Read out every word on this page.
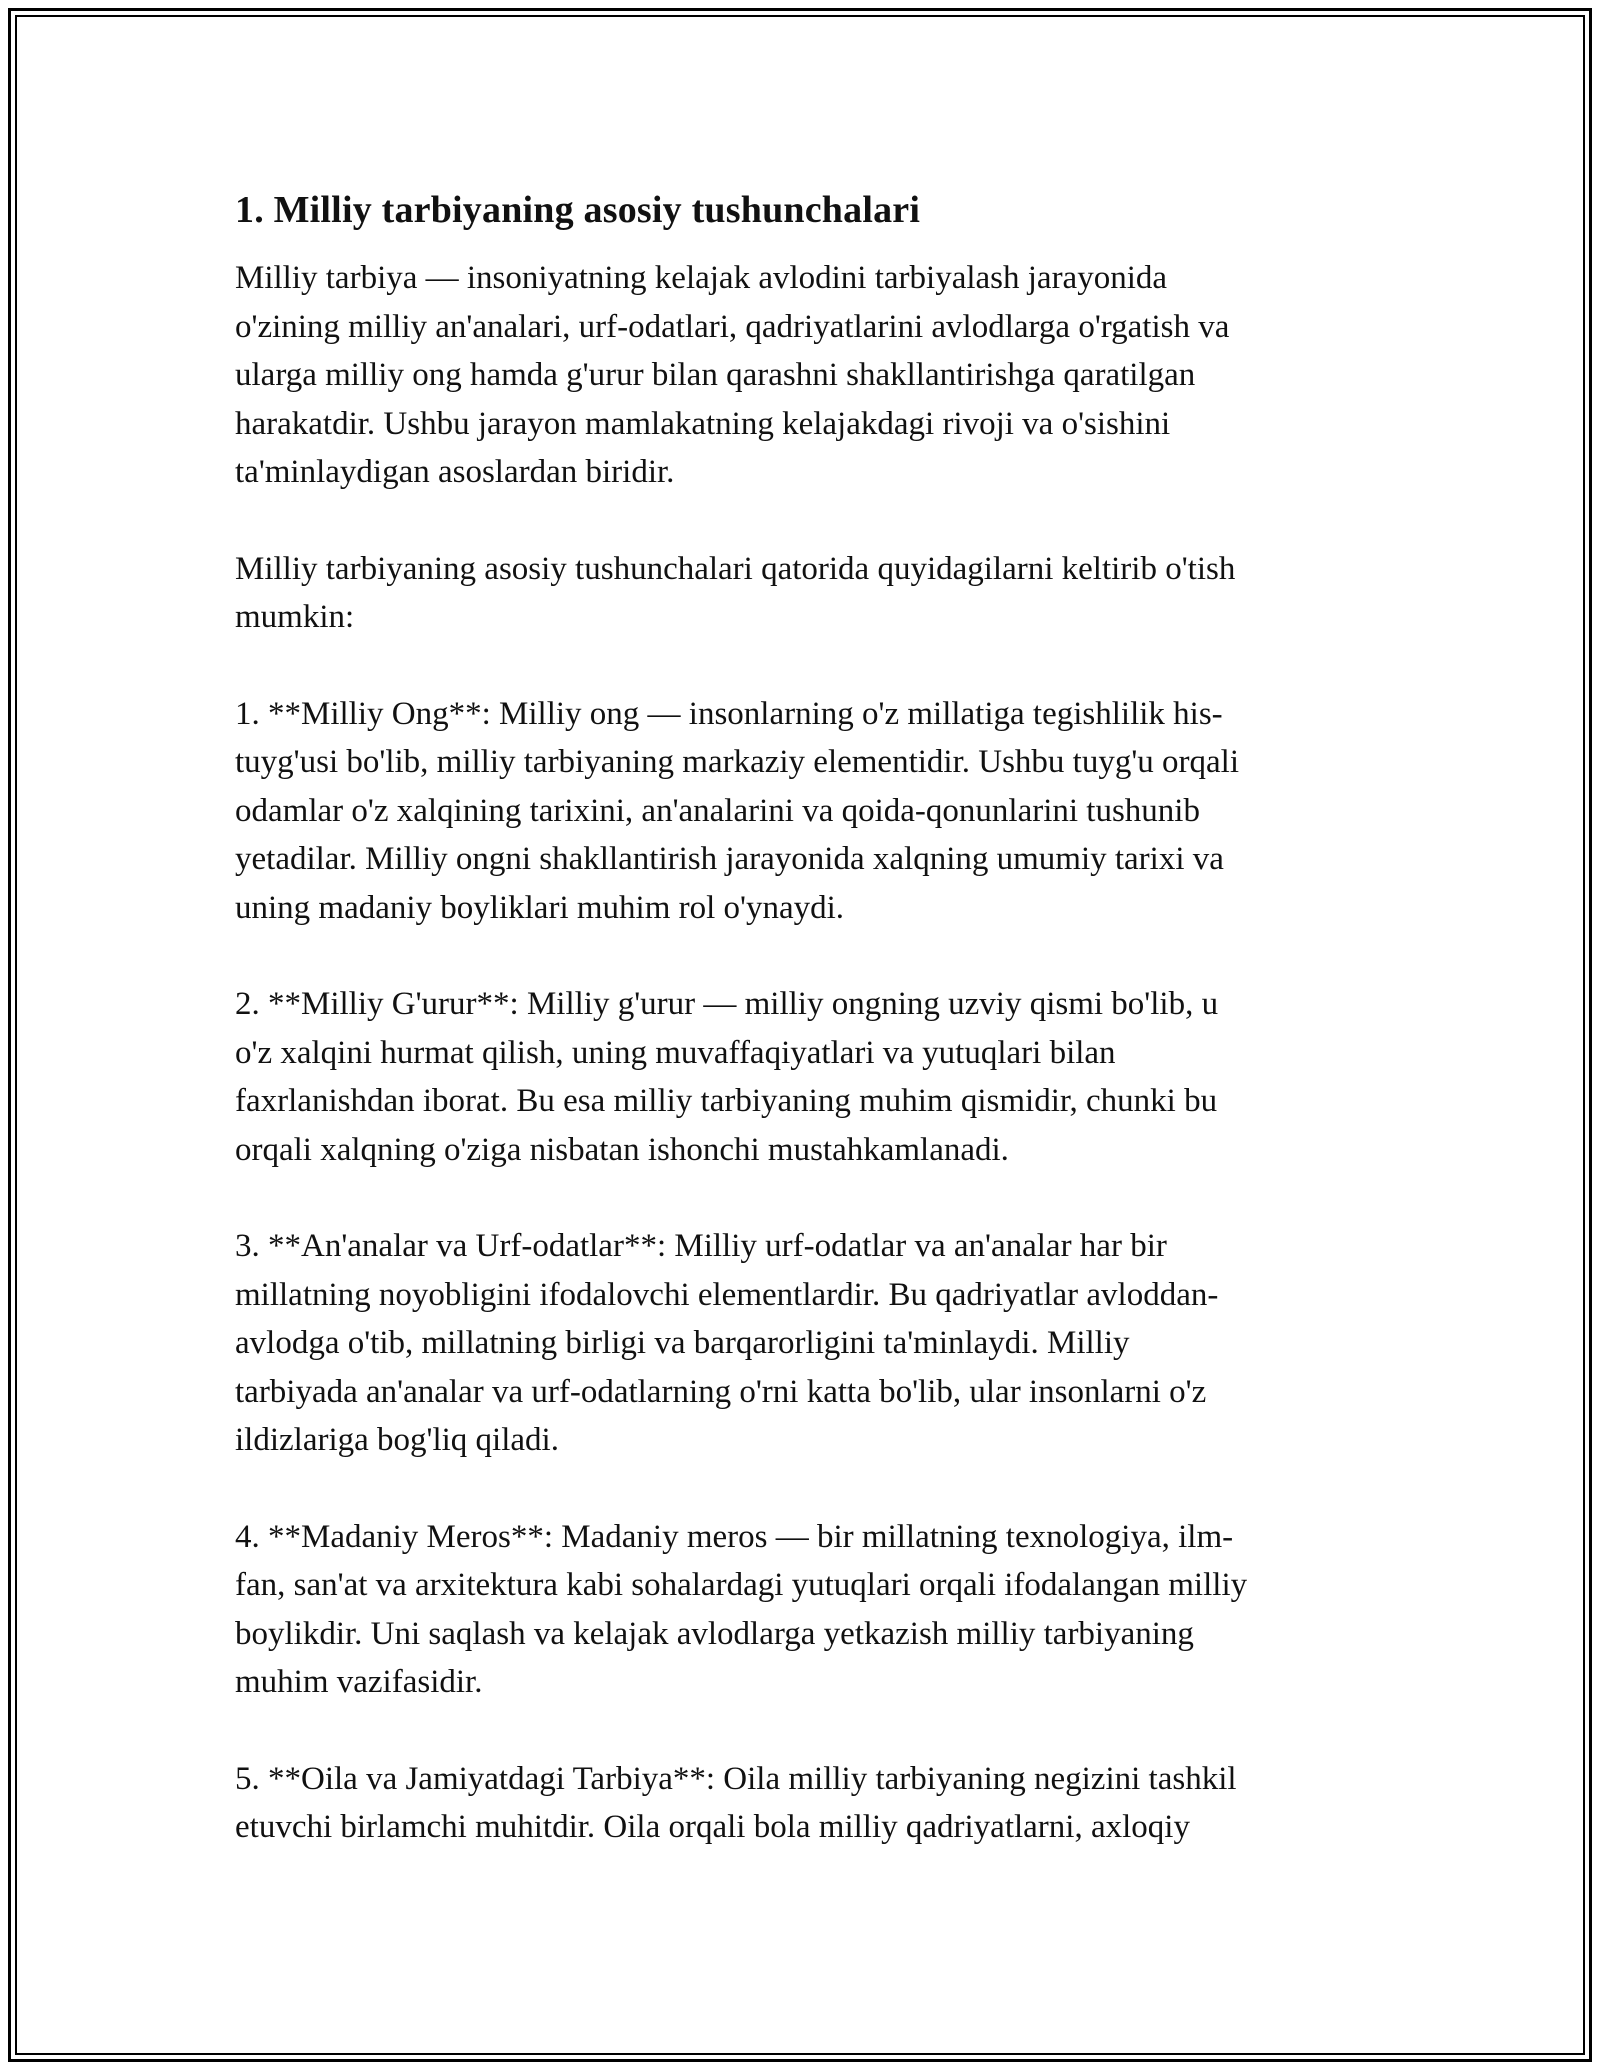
1. Milliy tarbiyaning asosiy tushunchalari

Milliy tarbiya — insoniyatning kelajak avlodini tarbiyalash jarayonida
o'zining milliy an'analari, urf-odatlari, qadriyatlarini avlodlarga o'rgatish va
ularga milliy ong hamda g'urur bilan qarashni shakllantirishga qaratilgan
harakatdir. Ushbu jarayon mamlakatning kelajakdagi rivoji va o'sishini
ta'minlaydigan asoslardan biridir.

Milliy tarbiyaning asosiy tushunchalari qatorida quyidagilarni keltirib o'tish
mumkin:

1. **Milliy Ong**: Milliy ong — insonlarning o'z millatiga tegishlilik his-
tuyg'usi bo'lib, milliy tarbiyaning markaziy elementidir. Ushbu tuyg'u orqali
odamlar o'z xalqining tarixini, an'analarini va qoida-qonunlarini tushunib
yetadilar. Milliy ongni shakllantirish jarayonida xalqning umumiy tarixi va
uning madaniy boyliklari muhim rol o'ynaydi.

2. **Milliy G'urur**: Milliy g'urur — milliy ongning uzviy qismi bo'lib, u
o'z xalqini hurmat qilish, uning muvaffaqiyatlari va yutuqlari bilan
faxrlanishdan iborat. Bu esa milliy tarbiyaning muhim qismidir, chunki bu
orqali xalqning o'ziga nisbatan ishonchi mustahkamlanadi.

3. **An'analar va Urf-odatlar**: Milliy urf-odatlar va an'analar har bir
millatning noyobligini ifodalovchi elementlardir. Bu qadriyatlar avloddan-
avlodga o'tib, millatning birligi va barqarorligini ta'minlaydi. Milliy
tarbiyada an'analar va urf-odatlarning o'rni katta bo'lib, ular insonlarni o'z
ildizlariga bog'liq qiladi.

4. **Madaniy Meros**: Madaniy meros — bir millatning texnologiya, ilm-
fan, san'at va arxitektura kabi sohalardagi yutuqlari orqali ifodalangan milliy
boylikdir. Uni saqlash va kelajak avlodlarga yetkazish milliy tarbiyaning
muhim vazifasidir.

5. **Oila va Jamiyatdagi Tarbiya**: Oila milliy tarbiyaning negizini tashkil
etuvchi birlamchi muhitdir. Oila orqali bola milliy qadriyatlarni, axloqiy
